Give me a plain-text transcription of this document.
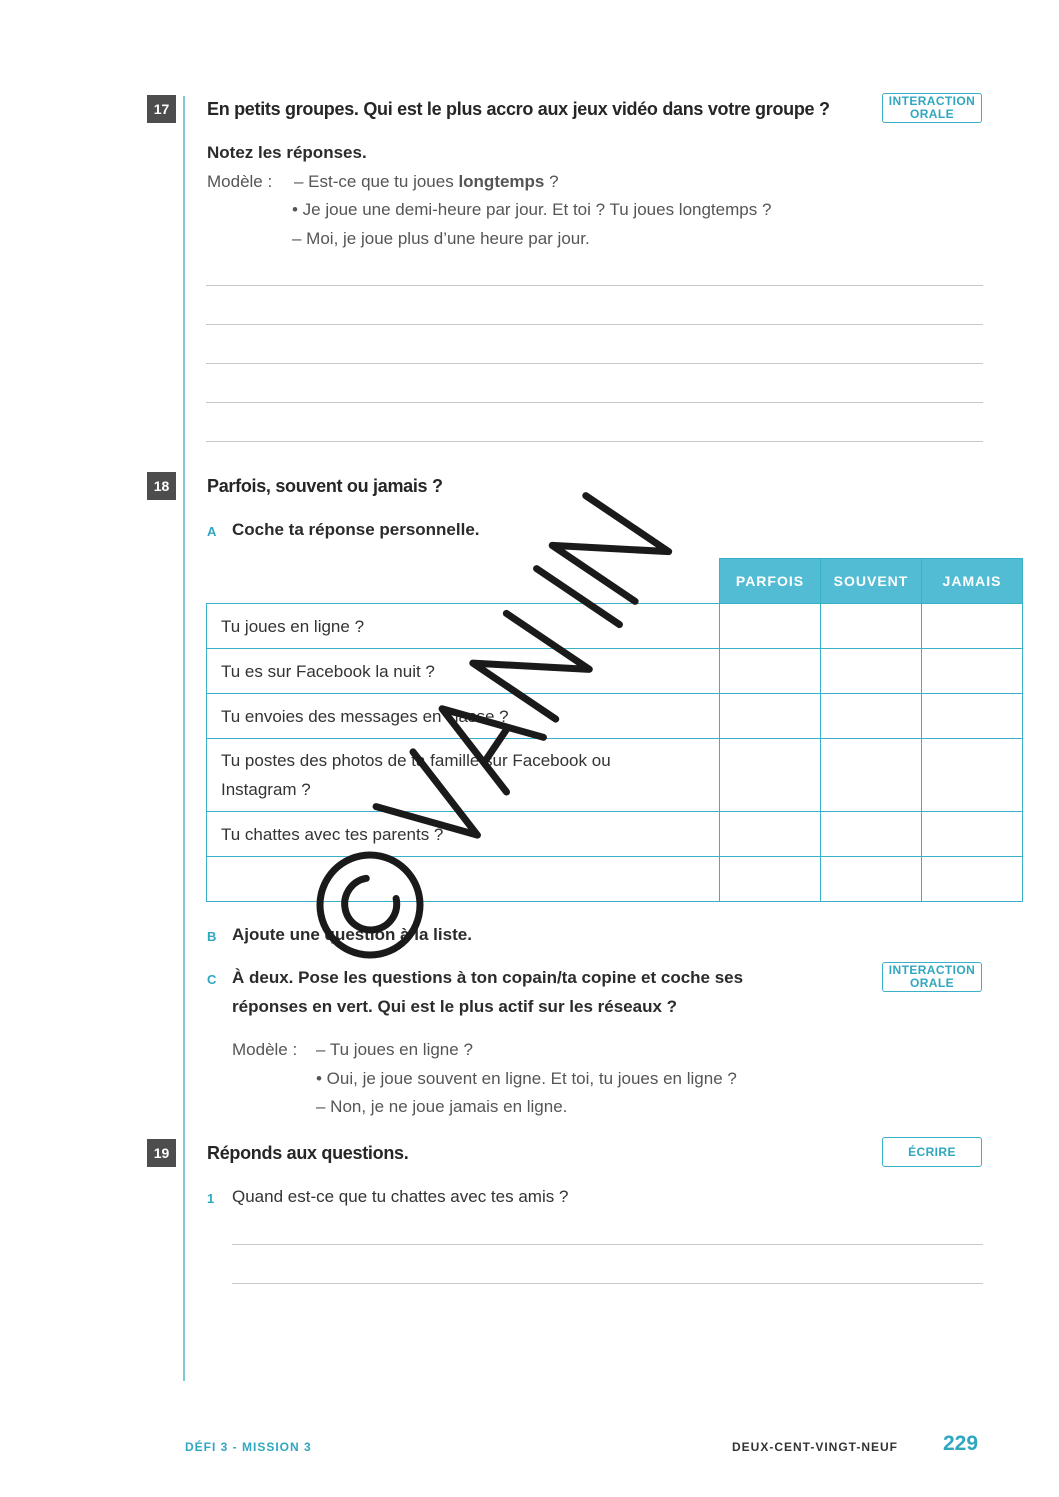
17	En petits groupes. Qui est le plus accro aux jeux vidéo dans votre groupe ?	INTERACTION
ORALE
Notez les réponses.
Modèle : – Est-ce que tu joues longtemps ?
• Je joue une demi-heure par jour. Et toi ? Tu joues longtemps ?
– Moi, je joue plus d’une heure par jour.
18	Parfois, souvent ou jamais ?
A Coche ta réponse personnelle.
	PARFOIS	SOUVENT	JAMAIS
Tu joues en ligne ?			
Tu es sur Facebook la nuit ?			
Tu envoies des messages en classe ?			
Tu postes des photos de ta famille sur Facebook ou Instagram ?			
Tu chattes avec tes parents ?			

B Ajoute une question à la liste.
C À deux. Pose les questions à ton copain/ta copine et coche ses
réponses en vert. Qui est le plus actif sur les réseaux ?
INTERACTION
ORALE
Modèle : – Tu joues en ligne ?
• Oui, je joue souvent en ligne. Et toi, tu joues en ligne ?
– Non, je ne joue jamais en ligne.
19	Réponds aux questions.	ÉCRIRE
1 Quand est-ce que tu chattes avec tes amis ?
DÉFI 3 - MISSION 3	DEUX-CENT-VINGT-NEUF 229
